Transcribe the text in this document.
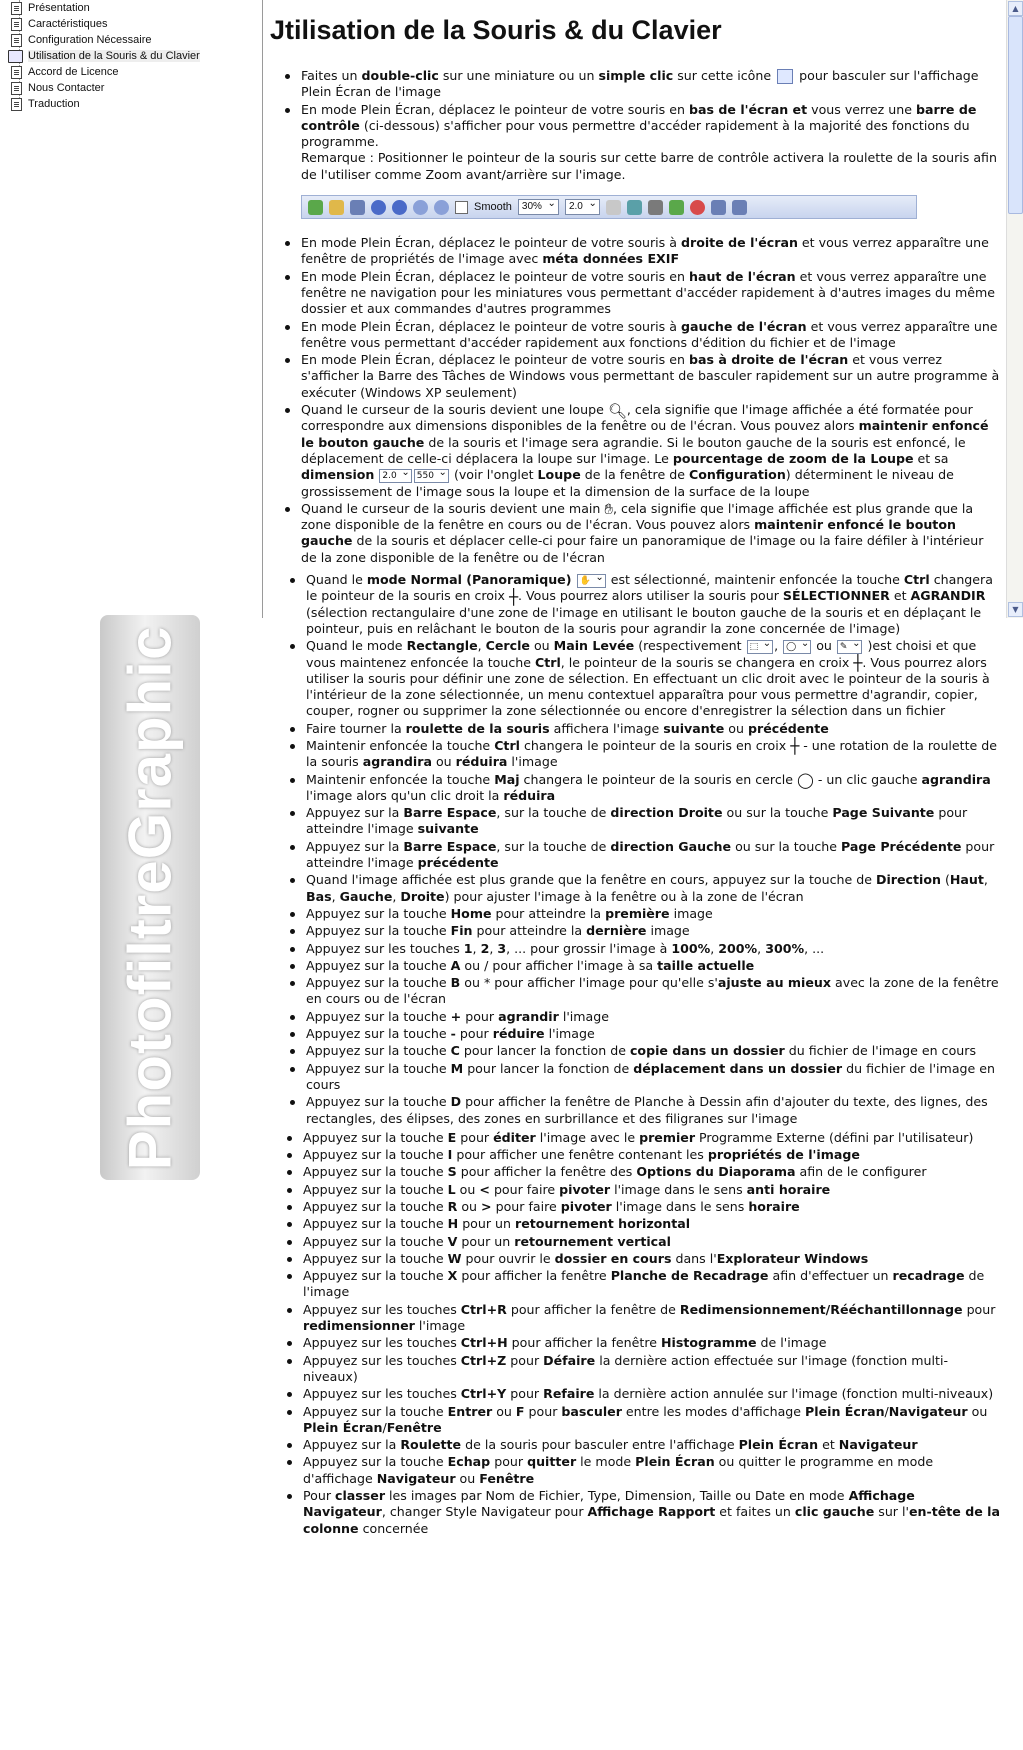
Présentation
Caractéristiques
Configuration Nécessaire
Utilisation de la Souris & du Clavier
Accord de Licence
Nous Contacter
Traduction
PhotofiltreGraphic
▲
▼
Jtilisation de la Souris & du Clavier
Faites un double-clic sur une miniature ou un simple clic sur cette icône  pour basculer sur l'affichage Plein Écran de l'image
En mode Plein Écran, déplacez le pointeur de votre souris en bas de l'écran et vous verrez une barre de contrôle (ci-dessous) s'afficher pour vous permettre d'accéder rapidement à la majorité des fonctions du programme.
Remarque : Positionner le pointeur de la souris sur cette barre de contrôle activera la roulette de la souris afin de l'utiliser comme Zoom avant/arrière sur l'image.
Smooth	30% ⌄	2.0 ⌄
En mode Plein Écran, déplacez le pointeur de votre souris à droite de l'écran et vous verrez apparaître une fenêtre de propriétés de l'image avec méta données EXIF
En mode Plein Écran, déplacez le pointeur de votre souris en haut de l'écran et vous verrez apparaître une fenêtre ne navigation pour les miniatures vous permettant d'accéder rapidement à d'autres images du même dossier et aux commandes d'autres programmes
En mode Plein Écran, déplacez le pointeur de votre souris à gauche de l'écran et vous verrez apparaître une fenêtre vous permettant d'accéder rapidement aux fonctions d'édition du fichier et de l'image
En mode Plein Écran, déplacez le pointeur de votre souris en bas à droite de l'écran et vous verrez s'afficher la Barre des Tâches de Windows vous permettant de basculer rapidement sur un autre programme à exécuter (Windows XP seulement)
Quand le curseur de la souris devient une loupe 🔍︎, cela signifie que l'image affichée a été formatée pour correspondre aux dimensions disponibles de la fenêtre ou de l'écran. Vous pouvez alors maintenir enfoncé le bouton gauche de la souris et l'image sera agrandie. Si le bouton gauche de la souris est enfoncé, le déplacement de celle-ci déplacera la loupe sur l'image. Le pourcentage de zoom de la Loupe et sa dimension 2.0 ⌄ 550 ⌄ (voir l'onglet Loupe de la fenêtre de Configuration) déterminent le niveau de grossissement de l'image sous la loupe et la dimension de la surface de la loupe
Quand le curseur de la souris devient une main ✋︎, cela signifie que l'image affichée est plus grande que la zone disponible de la fenêtre en cours ou de l'écran. Vous pouvez alors maintenir enfoncé le bouton gauche de la souris et déplacer celle-ci pour faire un panoramique de l'image ou la faire défiler à l'intérieur de la zone disponible de la fenêtre ou de l'écran
Quand le mode Normal (Panoramique) ✋ ⌄ est sélectionné, maintenir enfoncée la touche Ctrl changera le pointeur de la souris en croix ┼. Vous pourrez alors utiliser la souris pour SÉLECTIONNER et AGRANDIR (sélection rectangulaire d'une zone de l'image en utilisant le bouton gauche de la souris et en déplaçant le pointeur, puis en relâchant le bouton de la souris pour agrandir la zone concernée de l'image)
Quand le mode Rectangle, Cercle ou Main Levée (respectivement ⬚ ⌄ , ◯ ⌄ ou ✎ ⌄ )est choisi et que vous maintenez enfoncée la touche Ctrl, le pointeur de la souris se changera en croix ┼. Vous pourrez alors utiliser la souris pour définir une zone de sélection. En effectuant un clic droit avec le pointeur de la souris à l'intérieur de la zone sélectionnée, un menu contextuel apparaîtra pour vous permettre d'agrandir, copier, couper, rogner ou supprimer la zone sélectionnée ou encore d'enregistrer la sélection dans un fichier
Faire tourner la roulette de la souris affichera l'image suivante ou précédente
Maintenir enfoncée la touche Ctrl changera le pointeur de la souris en croix ┼ - une rotation de la roulette de la souris agrandira ou réduira l'image
Maintenir enfoncée la touche Maj changera le pointeur de la souris en cercle ◯ - un clic gauche agrandira l'image alors qu'un clic droit la réduira
Appuyez sur la Barre Espace, sur la touche de direction Droite ou sur la touche Page Suivante pour atteindre l'image suivante
Appuyez sur la Barre Espace, sur la touche de direction Gauche ou sur la touche Page Précédente pour atteindre l'image précédente
Quand l'image affichée est plus grande que la fenêtre en cours, appuyez sur la touche de Direction (Haut, Bas, Gauche, Droite) pour ajuster l'image à la fenêtre ou à la zone de l'écran
Appuyez sur la touche Home pour atteindre la première image
Appuyez sur la touche Fin pour atteindre la dernière image
Appuyez sur les touches 1, 2, 3, ... pour grossir l'image à 100%, 200%, 300%, ...
Appuyez sur la touche A ou / pour afficher l'image à sa taille actuelle
Appuyez sur la touche B ou * pour afficher l'image pour qu'elle s'ajuste au mieux avec la zone de la fenêtre en cours ou de l'écran
Appuyez sur la touche + pour agrandir l'image
Appuyez sur la touche - pour réduire l'image
Appuyez sur la touche C pour lancer la fonction de copie dans un dossier du fichier de l'image en cours
Appuyez sur la touche M pour lancer la fonction de déplacement dans un dossier du fichier de l'image en cours
Appuyez sur la touche D pour afficher la fenêtre de Planche à Dessin afin d'ajouter du texte, des lignes, des rectangles, des élipses, des zones en surbrillance et des filigranes sur l'image
Appuyez sur la touche E pour éditer l'image avec le premier Programme Externe (défini par l'utilisateur)
Appuyez sur la touche I pour afficher une fenêtre contenant les propriétés de l'image
Appuyez sur la touche S pour afficher la fenêtre des Options du Diaporama afin de le configurer
Appuyez sur la touche L ou < pour faire pivoter l'image dans le sens anti horaire
Appuyez sur la touche R ou > pour faire pivoter l'image dans le sens horaire
Appuyez sur la touche H pour un retournement horizontal
Appuyez sur la touche V pour un retournement vertical
Appuyez sur la touche W pour ouvrir le dossier en cours dans l'Explorateur Windows
Appuyez sur la touche X pour afficher la fenêtre Planche de Recadrage afin d'effectuer un recadrage de l'image
Appuyez sur les touches Ctrl+R pour afficher la fenêtre de Redimensionnement/Rééchantillonnage pour redimensionner l'image
Appuyez sur les touches Ctrl+H pour afficher la fenêtre Histogramme de l'image
Appuyez sur les touches Ctrl+Z pour Défaire la dernière action effectuée sur l'image (fonction multi-niveaux)
Appuyez sur les touches Ctrl+Y pour Refaire la dernière action annulée sur l'image (fonction multi-niveaux)
Appuyez sur la touche Entrer ou F pour basculer entre les modes d'affichage Plein Écran/Navigateur ou Plein Écran/Fenêtre
Appuyez sur la Roulette de la souris pour basculer entre l'affichage Plein Écran et Navigateur
Appuyez sur la touche Echap pour quitter le mode Plein Écran ou quitter le programme en mode d'affichage Navigateur ou Fenêtre
Pour classer les images par Nom de Fichier, Type, Dimension, Taille ou Date en mode Affichage Navigateur, changer Style Navigateur pour Affichage Rapport et faites un clic gauche sur l'en-tête de la colonne concernée
